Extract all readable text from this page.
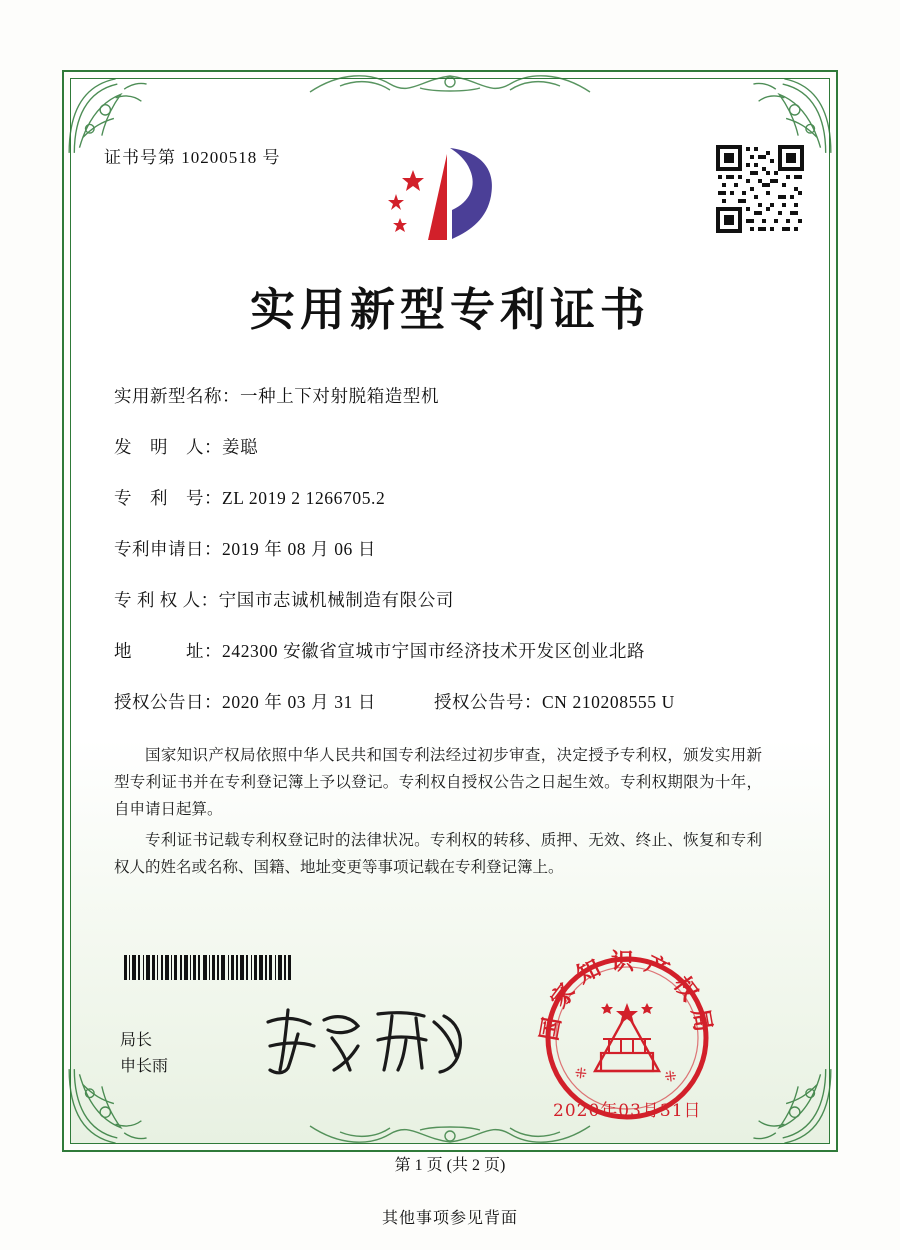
证书号第 10200518 号
实用新型专利证书
实用新型名称： 一种上下对射脱箱造型机
发　明　人： 姜聪
专　利　号： ZL 2019 2 1266705.2
专利申请日： 2019 年 08 月 06 日
专 利 权 人： 宁国市志诚机械制造有限公司
地　　　址： 242300 安徽省宣城市宁国市经济技术开发区创业北路
授权公告日： 2020 年 03 月 31 日	授权公告号： CN 210208555 U

国家知识产权局依照中华人民共和国专利法经过初步审查，决定授予专利权，颁发实用新型专利证书并在专利登记簿上予以登记。专利权自授权公告之日起生效。专利权期限为十年，自申请日起算。

专利证书记载专利权登记时的法律状况。专利权的转移、质押、无效、终止、恢复和专利权人的姓名或名称、国籍、地址变更等事项记载在专利登记簿上。

局长
申长雨
国家知识产权局
※　　　　　※
2020年03月31日
第 1 页 (共 2 页)
其他事项参见背面
